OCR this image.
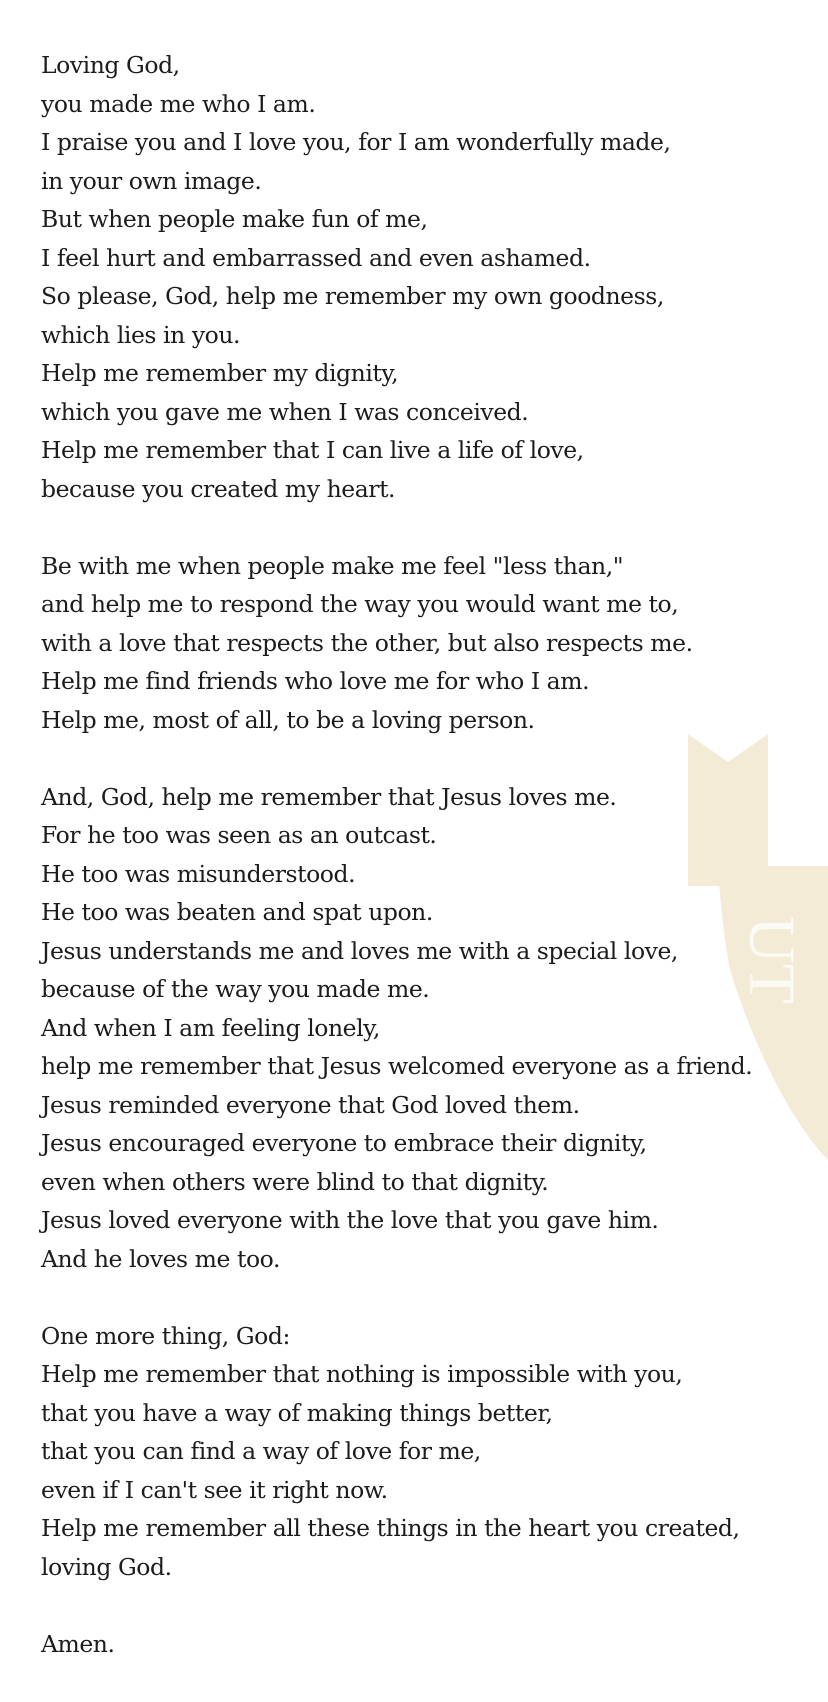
UT

Loving God,
you made me who I am.
I praise you and I love you, for I am wonderfully made,
in your own image.
But when people make fun of me,
I feel hurt and embarrassed and even ashamed.
So please, God, help me remember my own goodness,
which lies in you.
Help me remember my dignity,
which you gave me when I was conceived.
Help me remember that I can live a life of love,
because you created my heart.

Be with me when people make me feel "less than,"
and help me to respond the way you would want me to,
with a love that respects the other, but also respects me.
Help me find friends who love me for who I am.
Help me, most of all, to be a loving person.

And, God, help me remember that Jesus loves me.
For he too was seen as an outcast.
He too was misunderstood.
He too was beaten and spat upon.
Jesus understands me and loves me with a special love,
because of the way you made me.
And when I am feeling lonely,
help me remember that Jesus welcomed everyone as a friend.
Jesus reminded everyone that God loved them.
Jesus encouraged everyone to embrace their dignity,
even when others were blind to that dignity.
Jesus loved everyone with the love that you gave him.
And he loves me too.

One more thing, God:
Help me remember that nothing is impossible with you,
that you have a way of making things better,
that you can find a way of love for me,
even if I can't see it right now.
Help me remember all these things in the heart you created,
loving God.

Amen.
